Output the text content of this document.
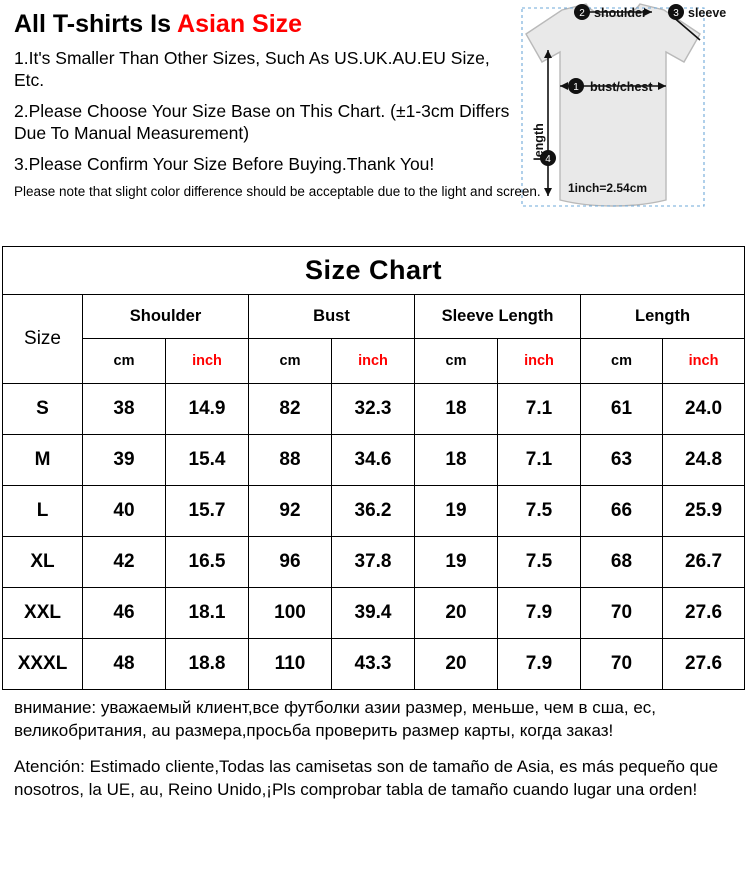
All T-shirts Is Asian Size

1.It's Smaller Than Other Sizes, Such As US.UK.AU.EU Size, Etc.

2.Please Choose Your Size Base on This Chart. (±1-3cm Differs Due To Manual Measurement)

3.Please Confirm Your Size Before Buying.Thank You!

Please note that slight color difference should be acceptable due to the light and screen.

1 bust/chest
2 shoulder	3 sleeve
4
length
1inch=2.54cm
Size Chart								
Size	Shoulder		Bust		Sleeve Length		Length	
	cm	inch	cm	inch	cm	inch	cm	inch
S	38	14.9	82	32.3	18	7.1	61	24.0
M	39	15.4	88	34.6	18	7.1	63	24.8
L	40	15.7	92	36.2	19	7.5	66	25.9
XL	42	16.5	96	37.8	19	7.5	68	26.7
XXL	46	18.1	100	39.4	20	7.9	70	27.6
XXXL	48	18.8	110	43.3	20	7.9	70	27.6

внимание: уважаемый клиент,все футболки азии размер, меньше, чем в сша, ес, великобритания, au размера,просьба проверить размер карты, когда заказ!

Atención: Estimado cliente,Todas las camisetas son de tamaño de Asia, es más pequeño que nosotros, la UE, au, Reino Unido,¡Pls comprobar tabla de tamaño cuando lugar una orden!
